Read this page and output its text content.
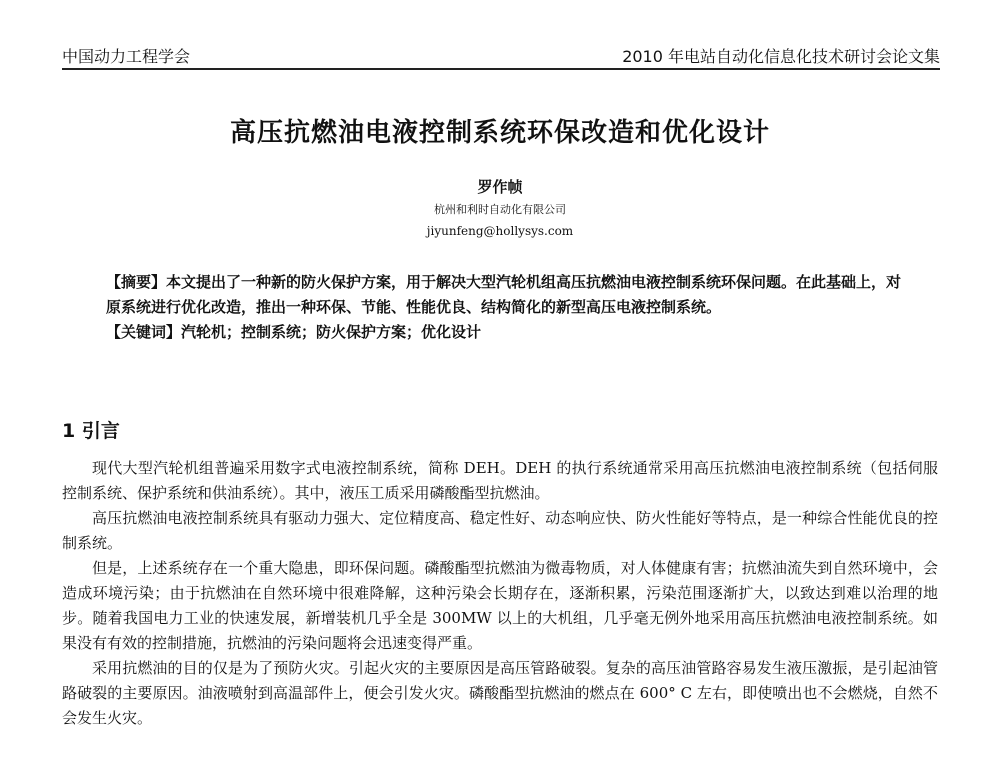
中国动力工程学会	2010 年电站自动化信息化技术研讨会论文集
高压抗燃油电液控制系统环保改造和优化设计
罗作帧
杭州和利时自动化有限公司
jiyunfeng@hollysys.com

【摘要】本文提出了一种新的防火保护方案，用于解决大型汽轮机组高压抗燃油电液控制系统环保问题。在此基础上，对原系统进行优化改造，推出一种环保、节能、性能优良、结构简化的新型高压电液控制系统。

【关键词】汽轮机；控制系统；防火保护方案；优化设计

1 引言

现代大型汽轮机组普遍采用数字式电液控制系统，简称 DEH。DEH 的执行系统通常采用高压抗燃油电液控制系统（包括伺服控制系统、保护系统和供油系统）。其中，液压工质采用磷酸酯型抗燃油。

高压抗燃油电液控制系统具有驱动力强大、定位精度高、稳定性好、动态响应快、防火性能好等特点，是一种综合性能优良的控制系统。

但是，上述系统存在一个重大隐患，即环保问题。磷酸酯型抗燃油为微毒物质，对人体健康有害；抗燃油流失到自然环境中，会造成环境污染；由于抗燃油在自然环境中很难降解，这种污染会长期存在，逐渐积累，污染范围逐渐扩大，以致达到难以治理的地步。随着我国电力工业的快速发展，新增装机几乎全是 300MW 以上的大机组，几乎毫无例外地采用高压抗燃油电液控制系统。如果没有有效的控制措施，抗燃油的污染问题将会迅速变得严重。

采用抗燃油的目的仅是为了预防火灾。引起火灾的主要原因是高压管路破裂。复杂的高压油管路容易发生液压激振，是引起油管路破裂的主要原因。油液喷射到高温部件上，便会引发火灾。磷酸酯型抗燃油的燃点在 600° C 左右，即使喷出也不会燃烧，自然不会发生火灾。
